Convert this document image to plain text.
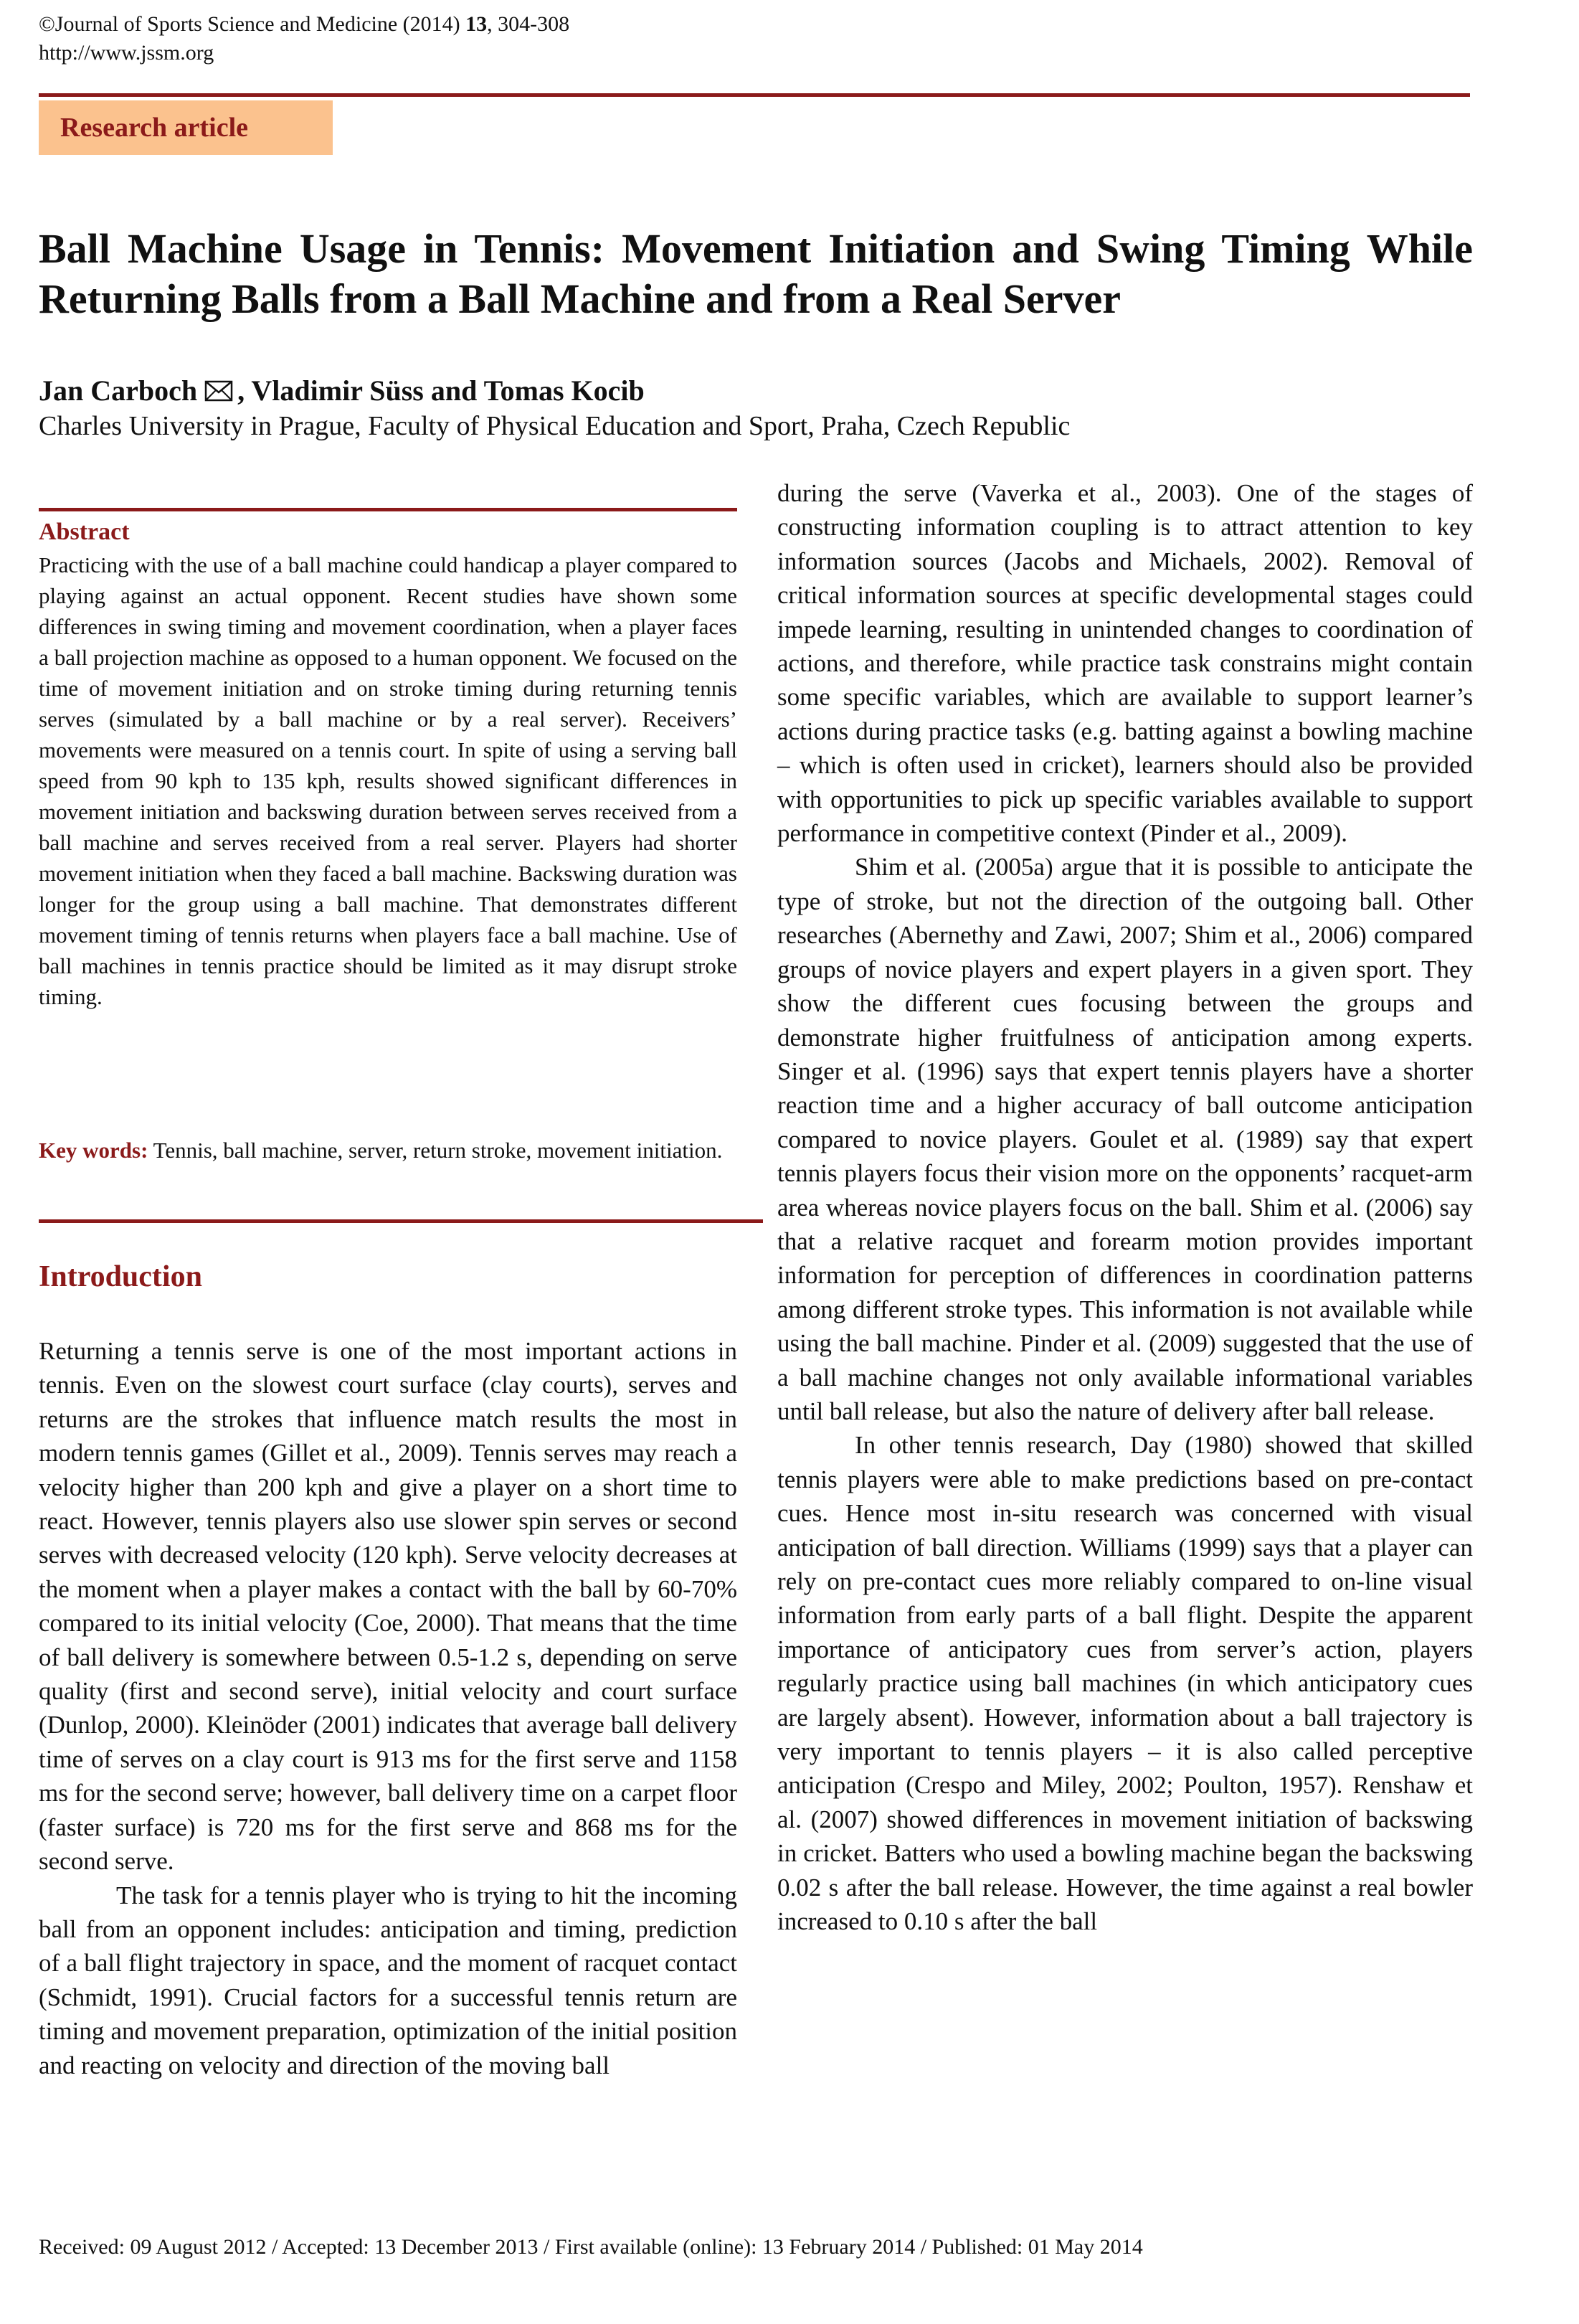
©Journal of Sports Science and Medicine (2014) 13, 304-308
http://www.jssm.org
Research article
Ball Machine Usage in Tennis: Movement Initiation and Swing Timing While
Returning Balls from a Ball Machine and from a Real Server
Jan Carboch , Vladimir Süss and Tomas Kocib
Charles University in Prague, Faculty of Physical Education and Sport, Praha, Czech Republic
Abstract

Practicing with the use of a ball machine could handicap a player compared to playing against an actual opponent. Recent studies have shown some differences in swing timing and movement coordination, when a player faces a ball projection machine as opposed to a human opponent. We focused on the time of movement initiation and on stroke timing during returning tennis serves (simulated by a ball machine or by a real server). Receivers’ movements were measured on a tennis court. In spite of using a serving ball speed from 90 kph to 135 kph, results showed significant differences in movement initiation and backswing duration between serves received from a ball machine and serves received from a real server. Players had shorter movement initiation when they faced a ball machine. Backswing duration was longer for the group using a ball machine. That demonstrates different movement timing of tennis returns when players face a ball machine. Use of ball machines in tennis practice should be limited as it may disrupt stroke timing.

Key words: Tennis, ball machine, server, return stroke, movement initiation.

Introduction

Returning a tennis serve is one of the most important actions in tennis. Even on the slowest court surface (clay courts), serves and returns are the strokes that influence match results the most in modern tennis games (Gillet et al., 2009). Tennis serves may reach a velocity higher than 200 kph and give a player on a short time to react. However, tennis players also use slower spin serves or second serves with decreased velocity (120 kph). Serve velocity decreases at the moment when a player makes a contact with the ball by 60-70% compared to its initial velocity (Coe, 2000). That means that the time of ball delivery is somewhere between 0.5-1.2 s, depending on serve quality (first and second serve), initial velocity and court surface (Dunlop, 2000). Kleinöder (2001) indicates that average ball delivery time of serves on a clay court is 913 ms for the first serve and 1158 ms for the second serve; however, ball delivery time on a carpet floor (faster surface) is 720 ms for the first serve and 868 ms for the second serve.

The task for a tennis player who is trying to hit the incoming ball from an opponent includes: anticipation and timing, prediction of a ball flight trajectory in space, and the moment of racquet contact (Schmidt, 1991). Crucial factors for a successful tennis return are timing and movement preparation, optimization of the initial position and reacting on velocity and direction of the moving ball

during the serve (Vaverka et al., 2003). One of the stages of constructing information coupling is to attract attention to key information sources (Jacobs and Michaels, 2002). Removal of critical information sources at specific developmental stages could impede learning, resulting in unintended changes to coordination of actions, and therefore, while practice task constrains might contain some specific variables, which are available to support learner’s actions during practice tasks (e.g. batting against a bowling machine – which is often used in cricket), learners should also be provided with opportunities to pick up specific variables available to support performance in competitive context (Pinder et al., 2009).

Shim et al. (2005a) argue that it is possible to anticipate the type of stroke, but not the direction of the outgoing ball. Other researches (Abernethy and Zawi, 2007; Shim et al., 2006) compared groups of novice players and expert players in a given sport. They show the different cues focusing between the groups and demonstrate higher fruitfulness of anticipation among experts. Singer et al. (1996) says that expert tennis players have a shorter reaction time and a higher accuracy of ball outcome anticipation compared to novice players. Goulet et al. (1989) say that expert tennis players focus their vision more on the opponents’ racquet-arm area whereas novice players focus on the ball. Shim et al. (2006) say that a relative racquet and forearm motion provides important information for perception of differences in coordination patterns among different stroke types. This information is not available while using the ball machine. Pinder et al. (2009) suggested that the use of a ball machine changes not only available informational variables until ball release, but also the nature of delivery after ball release.

In other tennis research, Day (1980) showed that skilled tennis players were able to make predictions based on pre-contact cues. Hence most in-situ research was concerned with visual anticipation of ball direction. Williams (1999) says that a player can rely on pre-contact cues more reliably compared to on-line visual information from early parts of a ball flight. Despite the apparent importance of anticipatory cues from server’s action, players regularly practice using ball machines (in which anticipatory cues are largely absent). However, information about a ball trajectory is very important to tennis players – it is also called perceptive anticipation (Crespo and Miley, 2002; Poulton, 1957). Renshaw et al. (2007) showed differences in movement initiation of backswing in cricket. Batters who used a bowling machine began the backswing 0.02 s after the ball release. However, the time against a real bowler increased to 0.10 s after the ball

Received: 09 August 2012 / Accepted: 13 December 2013 / First available (online): 13 February 2014 / Published: 01 May 2014
